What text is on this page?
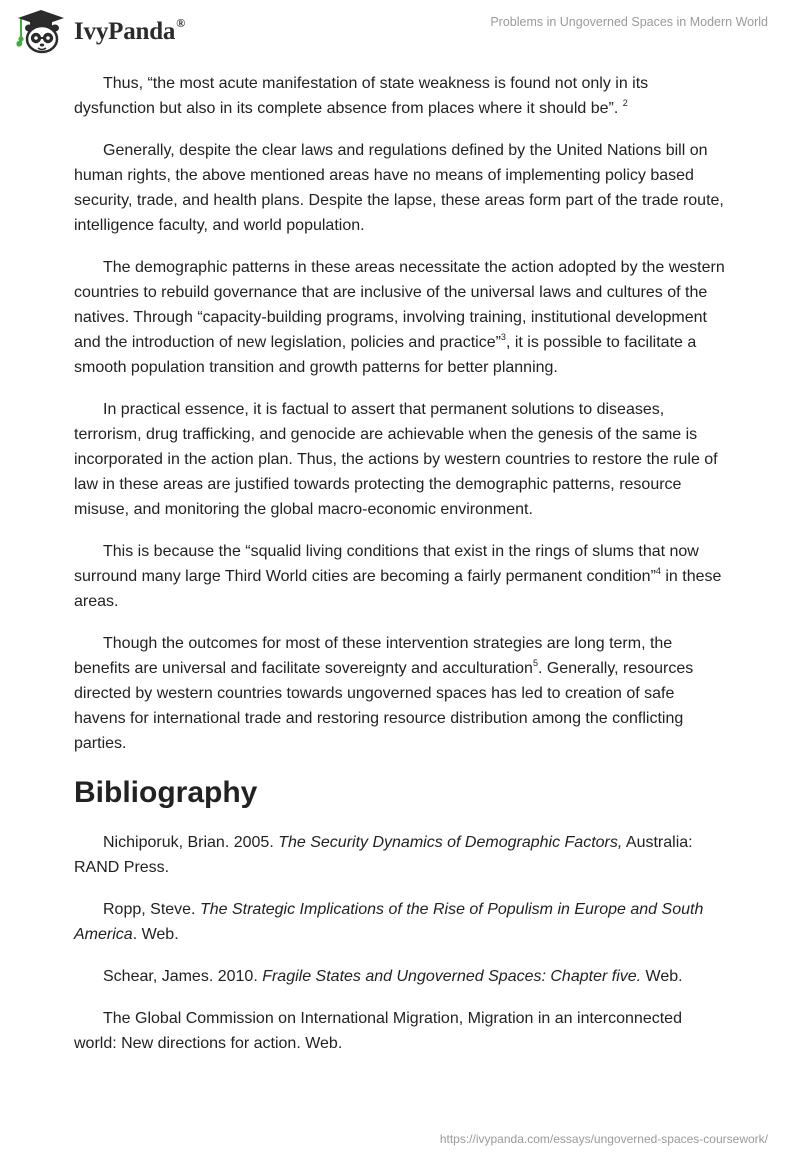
IvyPanda®	Problems in Ungoverned Spaces in Modern World

Thus, “the most acute manifestation of state weakness is found not only in its dysfunction but also in its complete absence from places where it should be”. $^2$

Generally, despite the clear laws and regulations defined by the United Nations bill on human rights, the above mentioned areas have no means of implementing policy based security, trade, and health plans. Despite the lapse, these areas form part of the trade route, intelligence faculty, and world population.

The demographic patterns in these areas necessitate the action adopted by the western countries to rebuild governance that are inclusive of the universal laws and cultures of the natives. Through “capacity-building programs, involving training, institutional development and the introduction of new legislation, policies and practice”$^3$, it is possible to facilitate a smooth population transition and growth patterns for better planning.

In practical essence, it is factual to assert that permanent solutions to diseases, terrorism, drug trafficking, and genocide are achievable when the genesis of the same is incorporated in the action plan. Thus, the actions by western countries to restore the rule of law in these areas are justified towards protecting the demographic patterns, resource misuse, and monitoring the global macro-economic environment.

This is because the “squalid living conditions that exist in the rings of slums that now surround many large Third World cities are becoming a fairly permanent condition”$^4$ in these areas.

Though the outcomes for most of these intervention strategies are long term, the benefits are universal and facilitate sovereignty and acculturation$^5$. Generally, resources directed by western countries towards ungoverned spaces has led to creation of safe havens for international trade and restoring resource distribution among the conflicting parties.

Bibliography

Nichiporuk, Brian. 2005. The Security Dynamics of Demographic Factors, Australia: RAND Press.

Ropp, Steve. The Strategic Implications of the Rise of Populism in Europe and South America. Web.

Schear, James. 2010. Fragile States and Ungoverned Spaces: Chapter five. Web.

The Global Commission on International Migration, Migration in an interconnected world: New directions for action. Web.

https://ivypanda.com/essays/ungoverned-spaces-coursework/
